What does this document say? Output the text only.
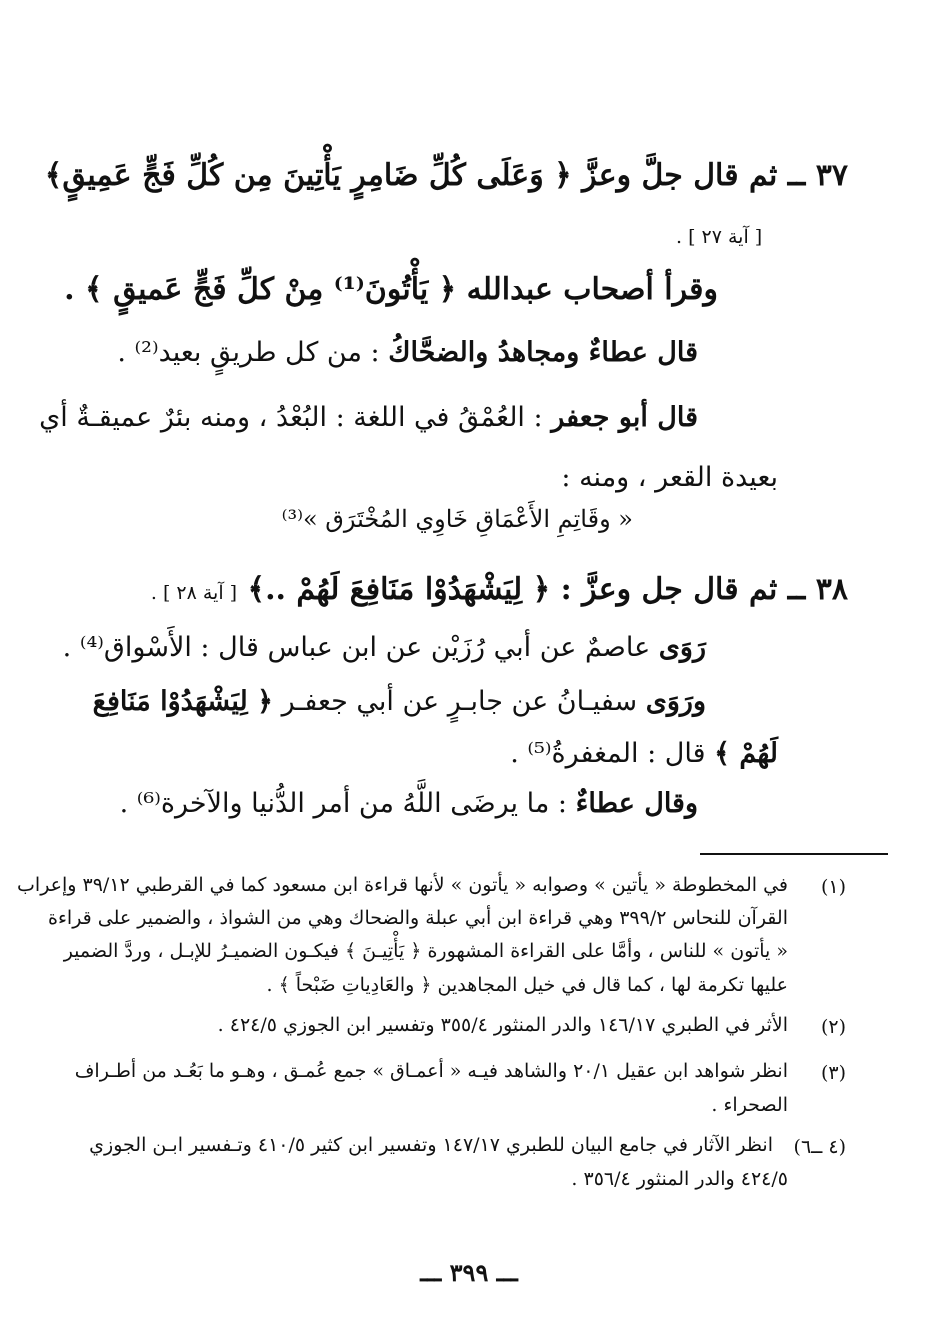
٣٧ ــ ثم قال جلَّ وعزَّ ﴿ وَعَلَى كُلِّ ضَامِرٍ يَأْتِينَ مِن كُلِّ فَجٍّ عَمِيقٍ﴾
[ آية ٢٧ ] .
وقرأ أصحاب عبدالله ﴿ يَأْتُونَ⁽¹⁾ مِنْ كلِّ فَجٍّ عَميقٍ ﴾ .
قال عطاءٌ ومجاهدُ والضحَّاكُ : من كل طريقٍ بعيد⁽²⁾ .
قال أبو جعفر : العُمْقُ في اللغة : البُعْدُ ، ومنه بئرٌ عميقـةٌ أي
بعيدة القعر ، ومنه :
« وقَاتِمِ الأَعْمَاقِ خَاوِي المُخْتَرَق »⁽³⁾
٣٨ ــ ثم قال جل وعزَّ : ﴿ لِيَشْهَدُوْا مَنَافِعَ لَهُمْ ..﴾ [ آية ٢٨ ] .
رَوَى عاصمٌ عن أبي رُزَيْن عن ابن عباس قال : الأَسْواق⁽⁴⁾ .
ورَوَى سفيـانُ عن جابـرٍ عن أبي جعفـر ﴿ لِيَشْهَدُوْا مَنَافِعَ
لَهُمْ ﴾ قال : المغفرةُ⁽⁵⁾ .
وقال عطاءٌ : ما يرضَى اللَّهُ من أمر الدُّنيا والآخرة⁽⁶⁾ .
(١)
في المخطوطة « يأتين » وصوابه « يأتون » لأنها قراءة ابن مسعود كما في القرطبي ٣٩/١٢ وإعراب
القرآن للنحاس ٣٩٩/٢ وهي قراءة ابن أبي عبلة والضحاك وهي من الشواذ ، والضمير على قراءة
« يأتون » للناس ، وأمَّا على القراءة المشهورة ﴿ يَأْتِيـنَ ﴾ فيكـون الضميـرُ للإبـل ، وردَّ الضمير
عليها تكرمة لها ، كما قال في خيل المجاهدين ﴿ والعَادِياتِ ضَبْحاً ﴾ .
(٢)
الأثر في الطبري ١٤٦/١٧ والدر المنثور ٣٥٥/٤ وتفسير ابن الجوزي ٤٢٤/٥ .
(٣)
انظر شواهد ابن عقيل ٢٠/١ والشاهد فيـه « أعمـاق » جمع عُمـق ، وهـو ما بَعُـد من أطـراف
الصحراء .
(٤ ــ٦)
انظر الآثار في جامع البيان للطبري ١٤٧/١٧ وتفسير ابن كثير ٤١٠/٥ وتـفسير ابـن الجوزي
٤٢٤/٥ والدر المنثور ٣٥٦/٤ .
ـــ ٣٩٩ ـــ
